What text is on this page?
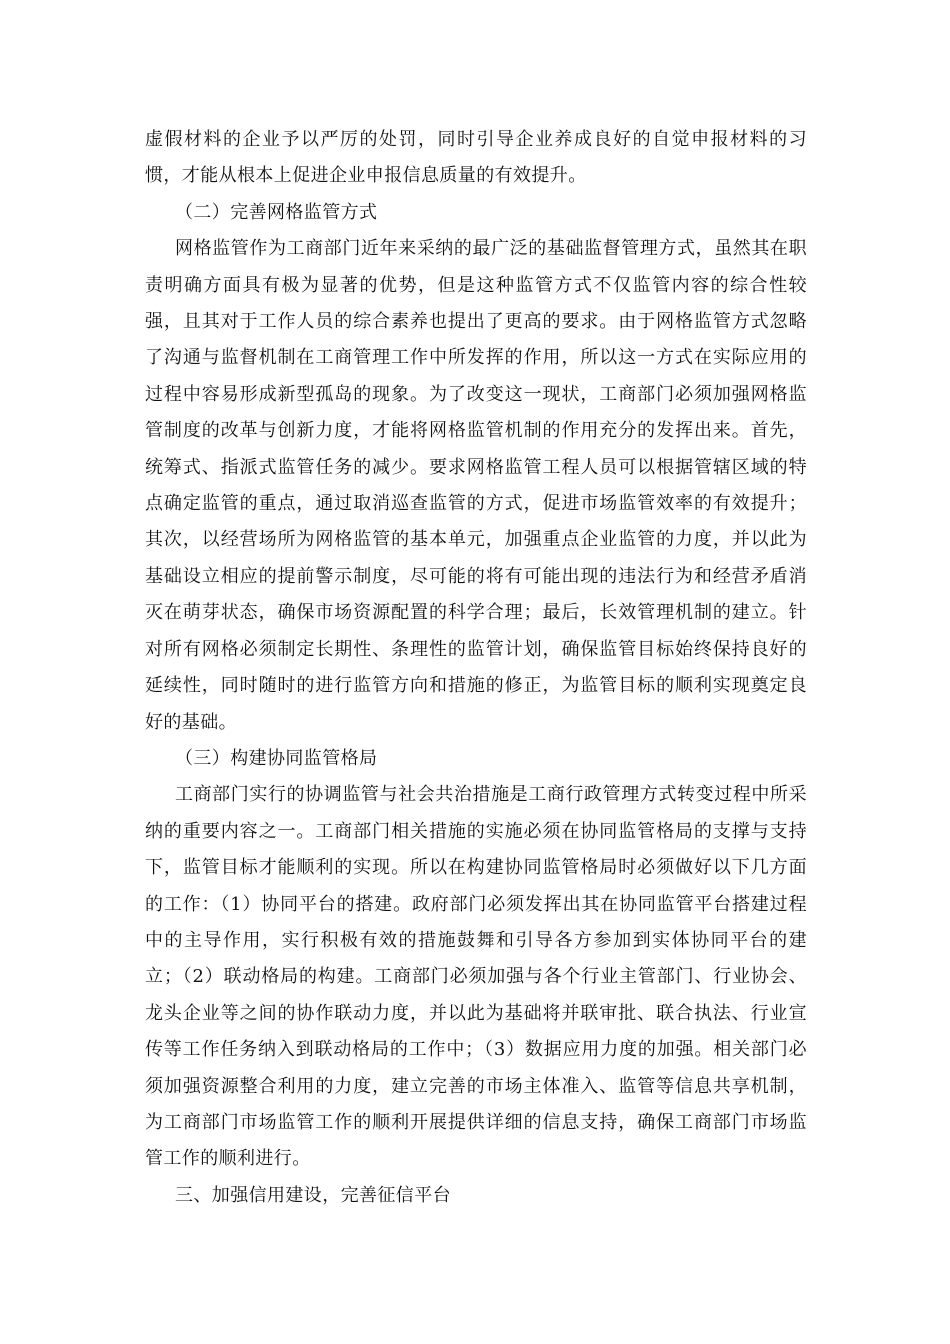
虚假材料的企业予以严厉的处罚，同时引导企业养成良好的自觉申报材料的习惯，才能从根本上促进企业申报信息质量的有效提升。

（二）完善网格监管方式

网格监管作为工商部门近年来采纳的最广泛的基础监督管理方式，虽然其在职责明确方面具有极为显著的优势，但是这种监管方式不仅监管内容的综合性较强，且其对于工作人员的综合素养也提出了更高的要求。由于网格监管方式忽略了沟通与监督机制在工商管理工作中所发挥的作用，所以这一方式在实际应用的过程中容易形成新型孤岛的现象。为了改变这一现状，工商部门必须加强网格监管制度的改革与创新力度，才能将网格监管机制的作用充分的发挥出来。首先，统筹式、指派式监管任务的减少。要求网格监管工程人员可以根据管辖区域的特点确定监管的重点，通过取消巡查监管的方式，促进市场监管效率的有效提升；其次，以经营场所为网格监管的基本单元，加强重点企业监管的力度，并以此为基础设立相应的提前警示制度，尽可能的将有可能出现的违法行为和经营矛盾消灭在萌芽状态，确保市场资源配置的科学合理；最后，长效管理机制的建立。针对所有网格必须制定长期性、条理性的监管计划，确保监管目标始终保持良好的延续性，同时随时的进行监管方向和措施的修正，为监管目标的顺利实现奠定良好的基础。

（三）构建协同监管格局

工商部门实行的协调监管与社会共治措施是工商行政管理方式转变过程中所采纳的重要内容之一。工商部门相关措施的实施必须在协同监管格局的支撑与支持下，监管目标才能顺利的实现。所以在构建协同监管格局时必须做好以下几方面的工作：（1）协同平台的搭建。政府部门必须发挥出其在协同监管平台搭建过程中的主导作用，实行积极有效的措施鼓舞和引导各方参加到实体协同平台的建立；（2）联动格局的构建。工商部门必须加强与各个行业主管部门、行业协会、龙头企业等之间的协作联动力度，并以此为基础将并联审批、联合执法、行业宣传等工作任务纳入到联动格局的工作中；（3）数据应用力度的加强。相关部门必须加强资源整合利用的力度，建立完善的市场主体准入、监管等信息共享机制，为工商部门市场监管工作的顺利开展提供详细的信息支持，确保工商部门市场监管工作的顺利进行。

三、加强信用建设，完善征信平台
